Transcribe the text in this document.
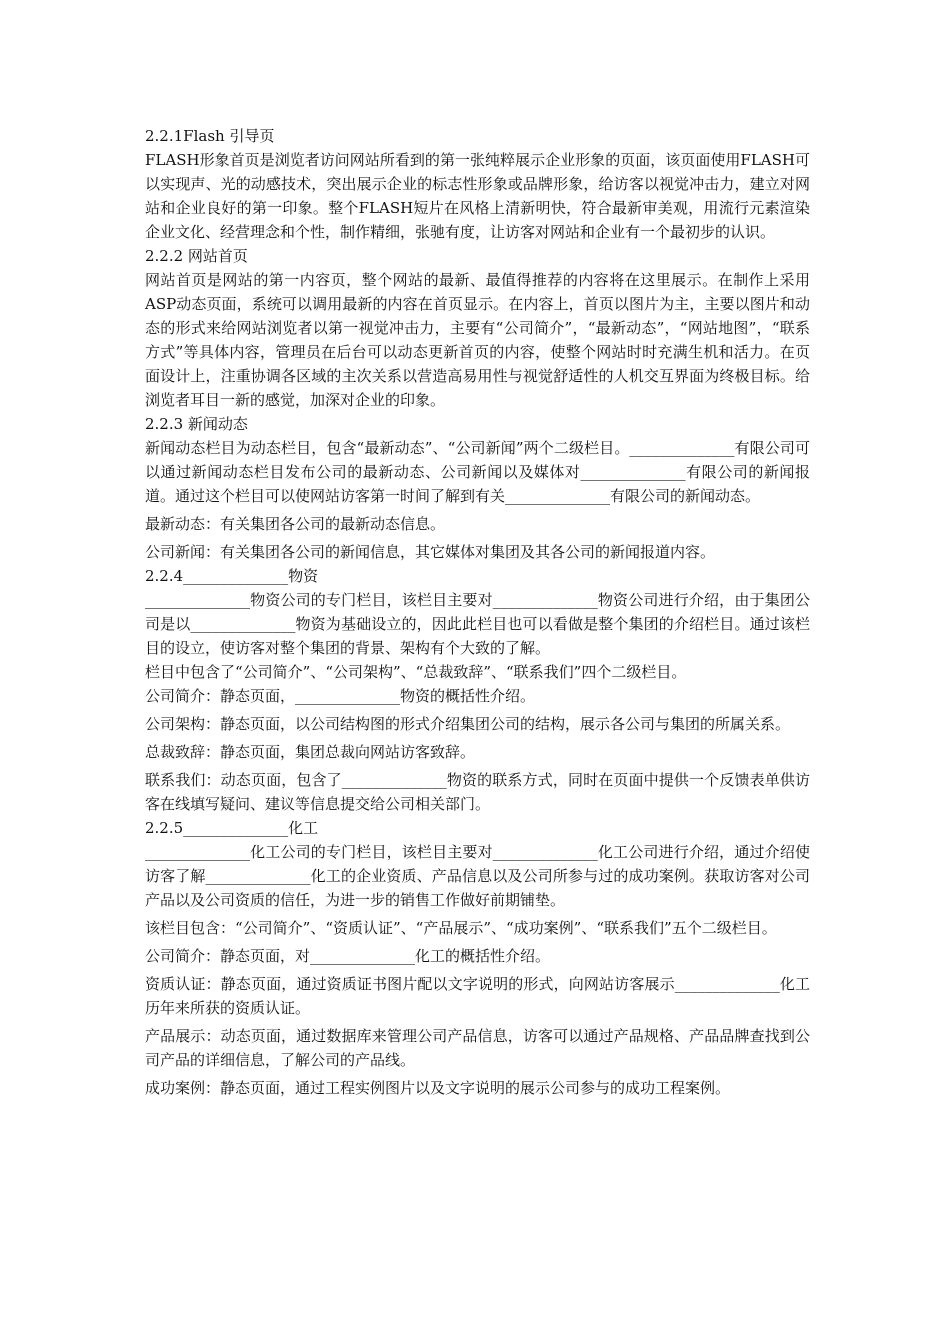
2.2.1Flash 引导页

FLASH形象首页是浏览者访问网站所看到的第一张纯粹展示企业形象的页面，该页面使用FLASH可以实现声、光的动感技术，突出展示企业的标志性形象或品牌形象，给访客以视觉冲击力，建立对网站和企业良好的第一印象。整个FLASH短片在风格上清新明快，符合最新审美观，用流行元素渲染企业文化、经营理念和个性，制作精细，张驰有度，让访客对网站和企业有一个最初步的认识。

2.2.2 网站首页

网站首页是网站的第一内容页，整个网站的最新、最值得推荐的内容将在这里展示。在制作上采用ASP动态页面，系统可以调用最新的内容在首页显示。在内容上，首页以图片为主，主要以图片和动态的形式来给网站浏览者以第一视觉冲击力，主要有“公司简介”，“最新动态”，“网站地图”，“联系方式”等具体内容，管理员在后台可以动态更新首页的内容，使整个网站时时充满生机和活力。在页面设计上，注重协调各区域的主次关系以营造高易用性与视觉舒适性的人机交互界面为终极目标。给浏览者耳目一新的感觉，加深对企业的印象。

2.2.3 新闻动态

新闻动态栏目为动态栏目，包含“最新动态”、“公司新闻”两个二级栏目。______________有限公司可以通过新闻动态栏目发布公司的最新动态、公司新闻以及媒体对______________有限公司的新闻报道。通过这个栏目可以使网站访客第一时间了解到有关______________有限公司的新闻动态。

最新动态：有关集团各公司的最新动态信息。

公司新闻：有关集团各公司的新闻信息，其它媒体对集团及其各公司的新闻报道内容。

2.2.4______________物资

______________物资公司的专门栏目，该栏目主要对______________物资公司进行介绍，由于集团公司是以______________物资为基础设立的，因此此栏目也可以看做是整个集团的介绍栏目。通过该栏目的设立，使访客对整个集团的背景、架构有个大致的了解。

栏目中包含了“公司简介”、“公司架构”、“总裁致辞”、“联系我们”四个二级栏目。

公司简介：静态页面，______________物资的概括性介绍。

公司架构：静态页面，以公司结构图的形式介绍集团公司的结构，展示各公司与集团的所属关系。

总裁致辞：静态页面，集团总裁向网站访客致辞。

联系我们：动态页面，包含了______________物资的联系方式，同时在页面中提供一个反馈表单供访客在线填写疑问、建议等信息提交给公司相关部门。

2.2.5______________化工

______________化工公司的专门栏目，该栏目主要对______________化工公司进行介绍，通过介绍使访客了解______________化工的企业资质、产品信息以及公司所参与过的成功案例。获取访客对公司产品以及公司资质的信任，为进一步的销售工作做好前期铺垫。

该栏目包含：“公司简介”、“资质认证”、“产品展示”、“成功案例”、“联系我们”五个二级栏目。

公司简介：静态页面，对______________化工的概括性介绍。

资质认证：静态页面，通过资质证书图片配以文字说明的形式，向网站访客展示______________化工历年来所获的资质认证。

产品展示：动态页面，通过数据库来管理公司产品信息，访客可以通过产品规格、产品品牌查找到公司产品的详细信息，了解公司的产品线。

成功案例：静态页面，通过工程实例图片以及文字说明的展示公司参与的成功工程案例。
